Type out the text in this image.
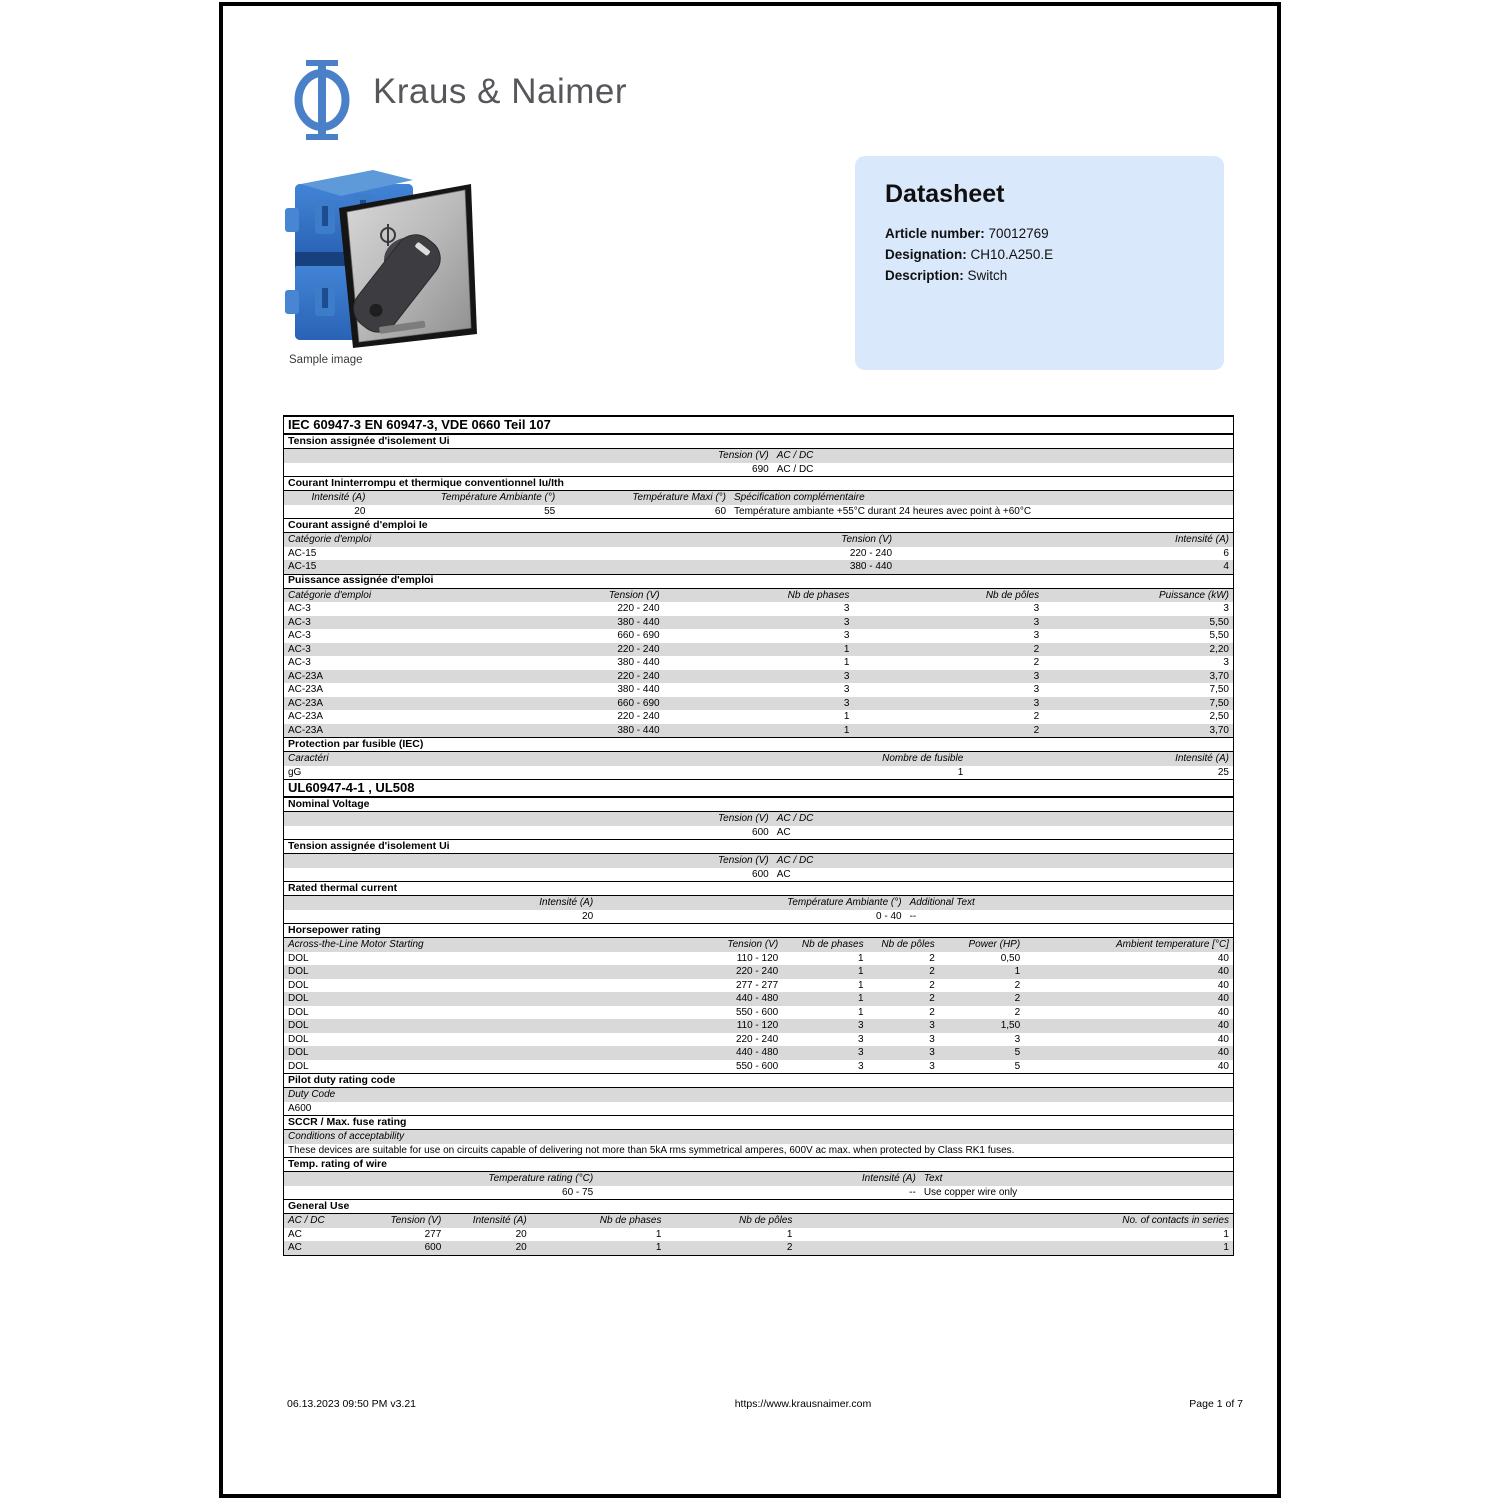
Kraus & Naimer
Sample image
Datasheet
Article number: 70012769
Designation: CH10.A250.E
Description: Switch
IEC 60947-3 EN 60947-3, VDE 0660 Teil 107
Tension assignée d'isolement Ui
Tension (V) AC / DC
690 AC / DC
Courant Ininterrompu et thermique conventionnel Iu/Ith
Intensité (A)	Température Ambiante (°)	Température Maxi (°) Spécification complémentaire
20	55	60 Température ambiante +55°C durant 24 heures avec point à +60°C
Courant assigné d'emploi Ie
Catégorie d'emploi	Tension (V)	Intensité (A)
AC-15	220 - 240	6
AC-15	380 - 440	4
Puissance assignée d'emploi
Catégorie d'emploi	Tension (V)	Nb de phases	Nb de pôles	Puissance (kW)
AC-3	220 - 240	3	3	3
AC-3	380 - 440	3	3	5,50
AC-3	660 - 690	3	3	5,50
AC-3	220 - 240	1	2	2,20
AC-3	380 - 440	1	2	3
AC-23A	220 - 240	3	3	3,70
AC-23A	380 - 440	3	3	7,50
AC-23A	660 - 690	3	3	7,50
AC-23A	220 - 240	1	2	2,50
AC-23A	380 - 440	1	2	3,70
Protection par fusible (IEC)
Caractéri	Nombre de fusible	Intensité (A)
gG	1	25
UL60947-4-1 , UL508
Nominal Voltage
Tension (V) AC / DC
600 AC
Tension assignée d'isolement Ui
Tension (V) AC / DC
600 AC
Rated thermal current
Intensité (A)	Température Ambiante (°) Additional Text
20	0 - 40 --
Horsepower rating
Across-the-Line Motor Starting	Tension (V)	Nb de phases	Nb de pôles	Power (HP)	Ambient temperature [°C]
DOL	110 - 120	1	2	0,50	40
DOL	220 - 240	1	2	1	40
DOL	277 - 277	1	2	2	40
DOL	440 - 480	1	2	2	40
DOL	550 - 600	1	2	2	40
DOL	110 - 120	3	3	1,50	40
DOL	220 - 240	3	3	3	40
DOL	440 - 480	3	3	5	40
DOL	550 - 600	3	3	5	40
Pilot duty rating code
Duty Code
A600
SCCR / Max. fuse rating
Conditions of acceptability
These devices are suitable for use on circuits capable of delivering not more than 5kA rms symmetrical amperes, 600V ac max. when protected by Class RK1 fuses.
Temp. rating of wire
Temperature rating (°C)	Intensité (A) Text
60 - 75	-- Use copper wire only
General Use
AC / DC	Tension (V)	Intensité (A)	Nb de phases	Nb de pôles	No. of contacts in series
AC	277	20	1	1	1
AC	600	20	1	2	1
06.13.2023 09:50 PM v3.21	https://www.krausnaimer.com	Page 1 of 7
